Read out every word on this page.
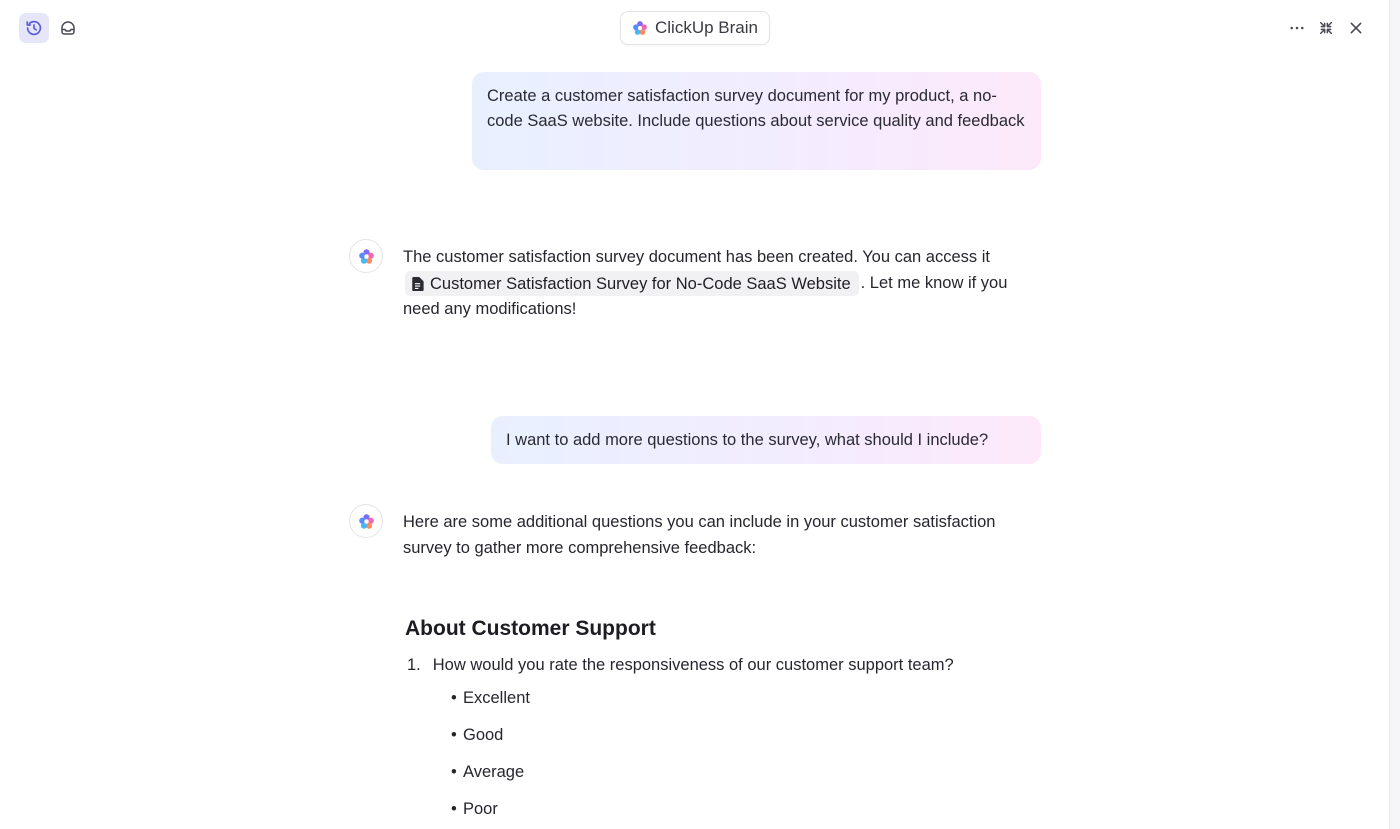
ClickUp Brain
Create a customer satisfaction survey document for my product, a no-code SaaS website. Include questions about service quality and feedback
The customer satisfaction survey document has been created. You can access it
Customer Satisfaction Survey for No-Code SaaS Website . Let me know if you need any modifications!
I want to add more questions to the survey, what should I include?
Here are some additional questions you can include in your customer satisfaction survey to gather more comprehensive feedback:
About Customer Support
1. How would you rate the responsiveness of our customer support team?
• Excellent
• Good
• Average
• Poor
